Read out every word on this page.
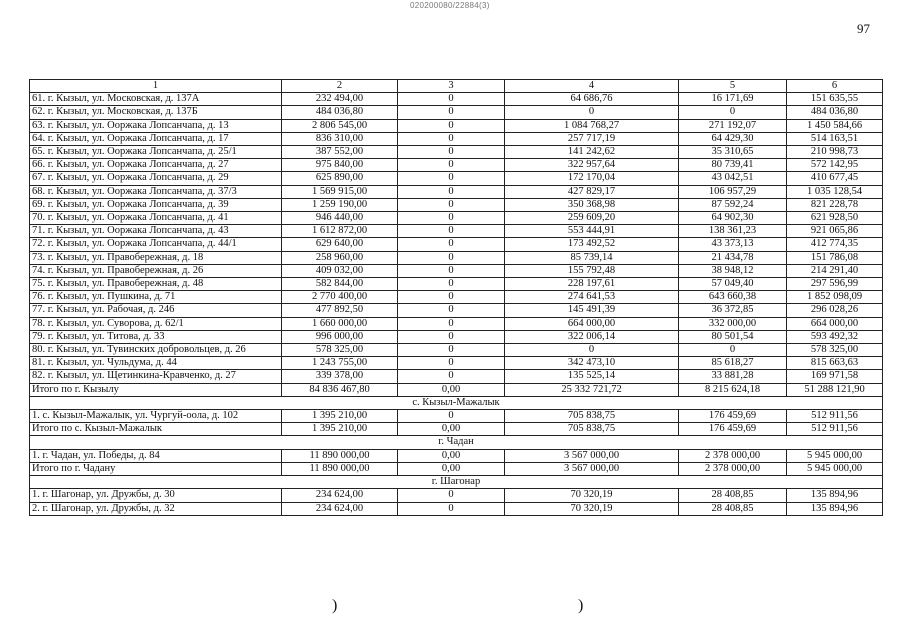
020200080/22884(3)
97
1	2	3	4	5	6
61. г. Кызыл, ул. Московская, д. 137А	232 494,00	0	64 686,76	16 171,69	151 635,55
62. г. Кызыл, ул. Московская, д. 137Б	484 036,80	0	0	0	484 036,80
63. г. Кызыл, ул. Ооржака Лопсанчапа, д. 13	2 806 545,00	0	1 084 768,27	271 192,07	1 450 584,66
64. г. Кызыл, ул. Ооржака Лопсанчапа, д. 17	836 310,00	0	257 717,19	64 429,30	514 163,51
65. г. Кызыл, ул. Ооржака Лопсанчапа, д. 25/1	387 552,00	0	141 242,62	35 310,65	210 998,73
66. г. Кызыл, ул. Ооржака Лопсанчапа, д. 27	975 840,00	0	322 957,64	80 739,41	572 142,95
67. г. Кызыл, ул. Ооржака Лопсанчапа, д. 29	625 890,00	0	172 170,04	43 042,51	410 677,45
68. г. Кызыл, ул. Ооржака Лопсанчапа, д. 37/3	1 569 915,00	0	427 829,17	106 957,29	1 035 128,54
69. г. Кызыл, ул. Ооржака Лопсанчапа, д. 39	1 259 190,00	0	350 368,98	87 592,24	821 228,78
70. г. Кызыл, ул. Ооржака Лопсанчапа, д. 41	946 440,00	0	259 609,20	64 902,30	621 928,50
71. г. Кызыл, ул. Ооржака Лопсанчапа, д. 43	1 612 872,00	0	553 444,91	138 361,23	921 065,86
72. г. Кызыл, ул. Ооржака Лопсанчапа, д. 44/1	629 640,00	0	173 492,52	43 373,13	412 774,35
73. г. Кызыл, ул. Правобережная, д. 18	258 960,00	0	85 739,14	21 434,78	151 786,08
74. г. Кызыл, ул. Правобережная, д. 26	409 032,00	0	155 792,48	38 948,12	214 291,40
75. г. Кызыл, ул. Правобережная, д. 48	582 844,00	0	228 197,61	57 049,40	297 596,99
76. г. Кызыл, ул. Пушкина, д. 71	2 770 400,00	0	274 641,53	643 660,38	1 852 098,09
77. г. Кызыл, ул. Рабочая, д. 246	477 892,50	0	145 491,39	36 372,85	296 028,26
78. г. Кызыл, ул. Суворова, д. 62/1	1 660 000,00	0	664 000,00	332 000,00	664 000,00
79. г. Кызыл, ул. Титова, д. 33	996 000,00	0	322 006,14	80 501,54	593 492,32
80. г. Кызыл, ул. Тувинских добровольцев, д. 26	578 325,00	0	0	0	578 325,00
81. г. Кызыл, ул. Чульдума, д. 44	1 243 755,00	0	342 473,10	85 618,27	815 663,63
82. г. Кызыл, ул. Щетинкина-Кравченко, д. 27	339 378,00	0	135 525,14	33 881,28	169 971,58
Итого по г. Кызылу	84 836 467,80	0,00	25 332 721,72	8 215 624,18	51 288 121,90
с. Кызыл-Мажалык					
1. с. Кызыл-Мажалык, ул. Чургуй-оола, д. 102	1 395 210,00	0	705 838,75	176 459,69	512 911,56
Итого по с. Кызыл-Мажалык	1 395 210,00	0,00	705 838,75	176 459,69	512 911,56
г. Чадан					
1. г. Чадан, ул. Победы, д. 84	11 890 000,00	0,00	3 567 000,00	2 378 000,00	5 945 000,00
Итого по г. Чадану	11 890 000,00	0,00	3 567 000,00	2 378 000,00	5 945 000,00
г. Шагонар					
1. г. Шагонар, ул. Дружбы, д. 30	234 624,00	0	70 320,19	28 408,85	135 894,96
2. г. Шагонар, ул. Дружбы, д. 32	234 624,00	0	70 320,19	28 408,85	135 894,96
)	)
